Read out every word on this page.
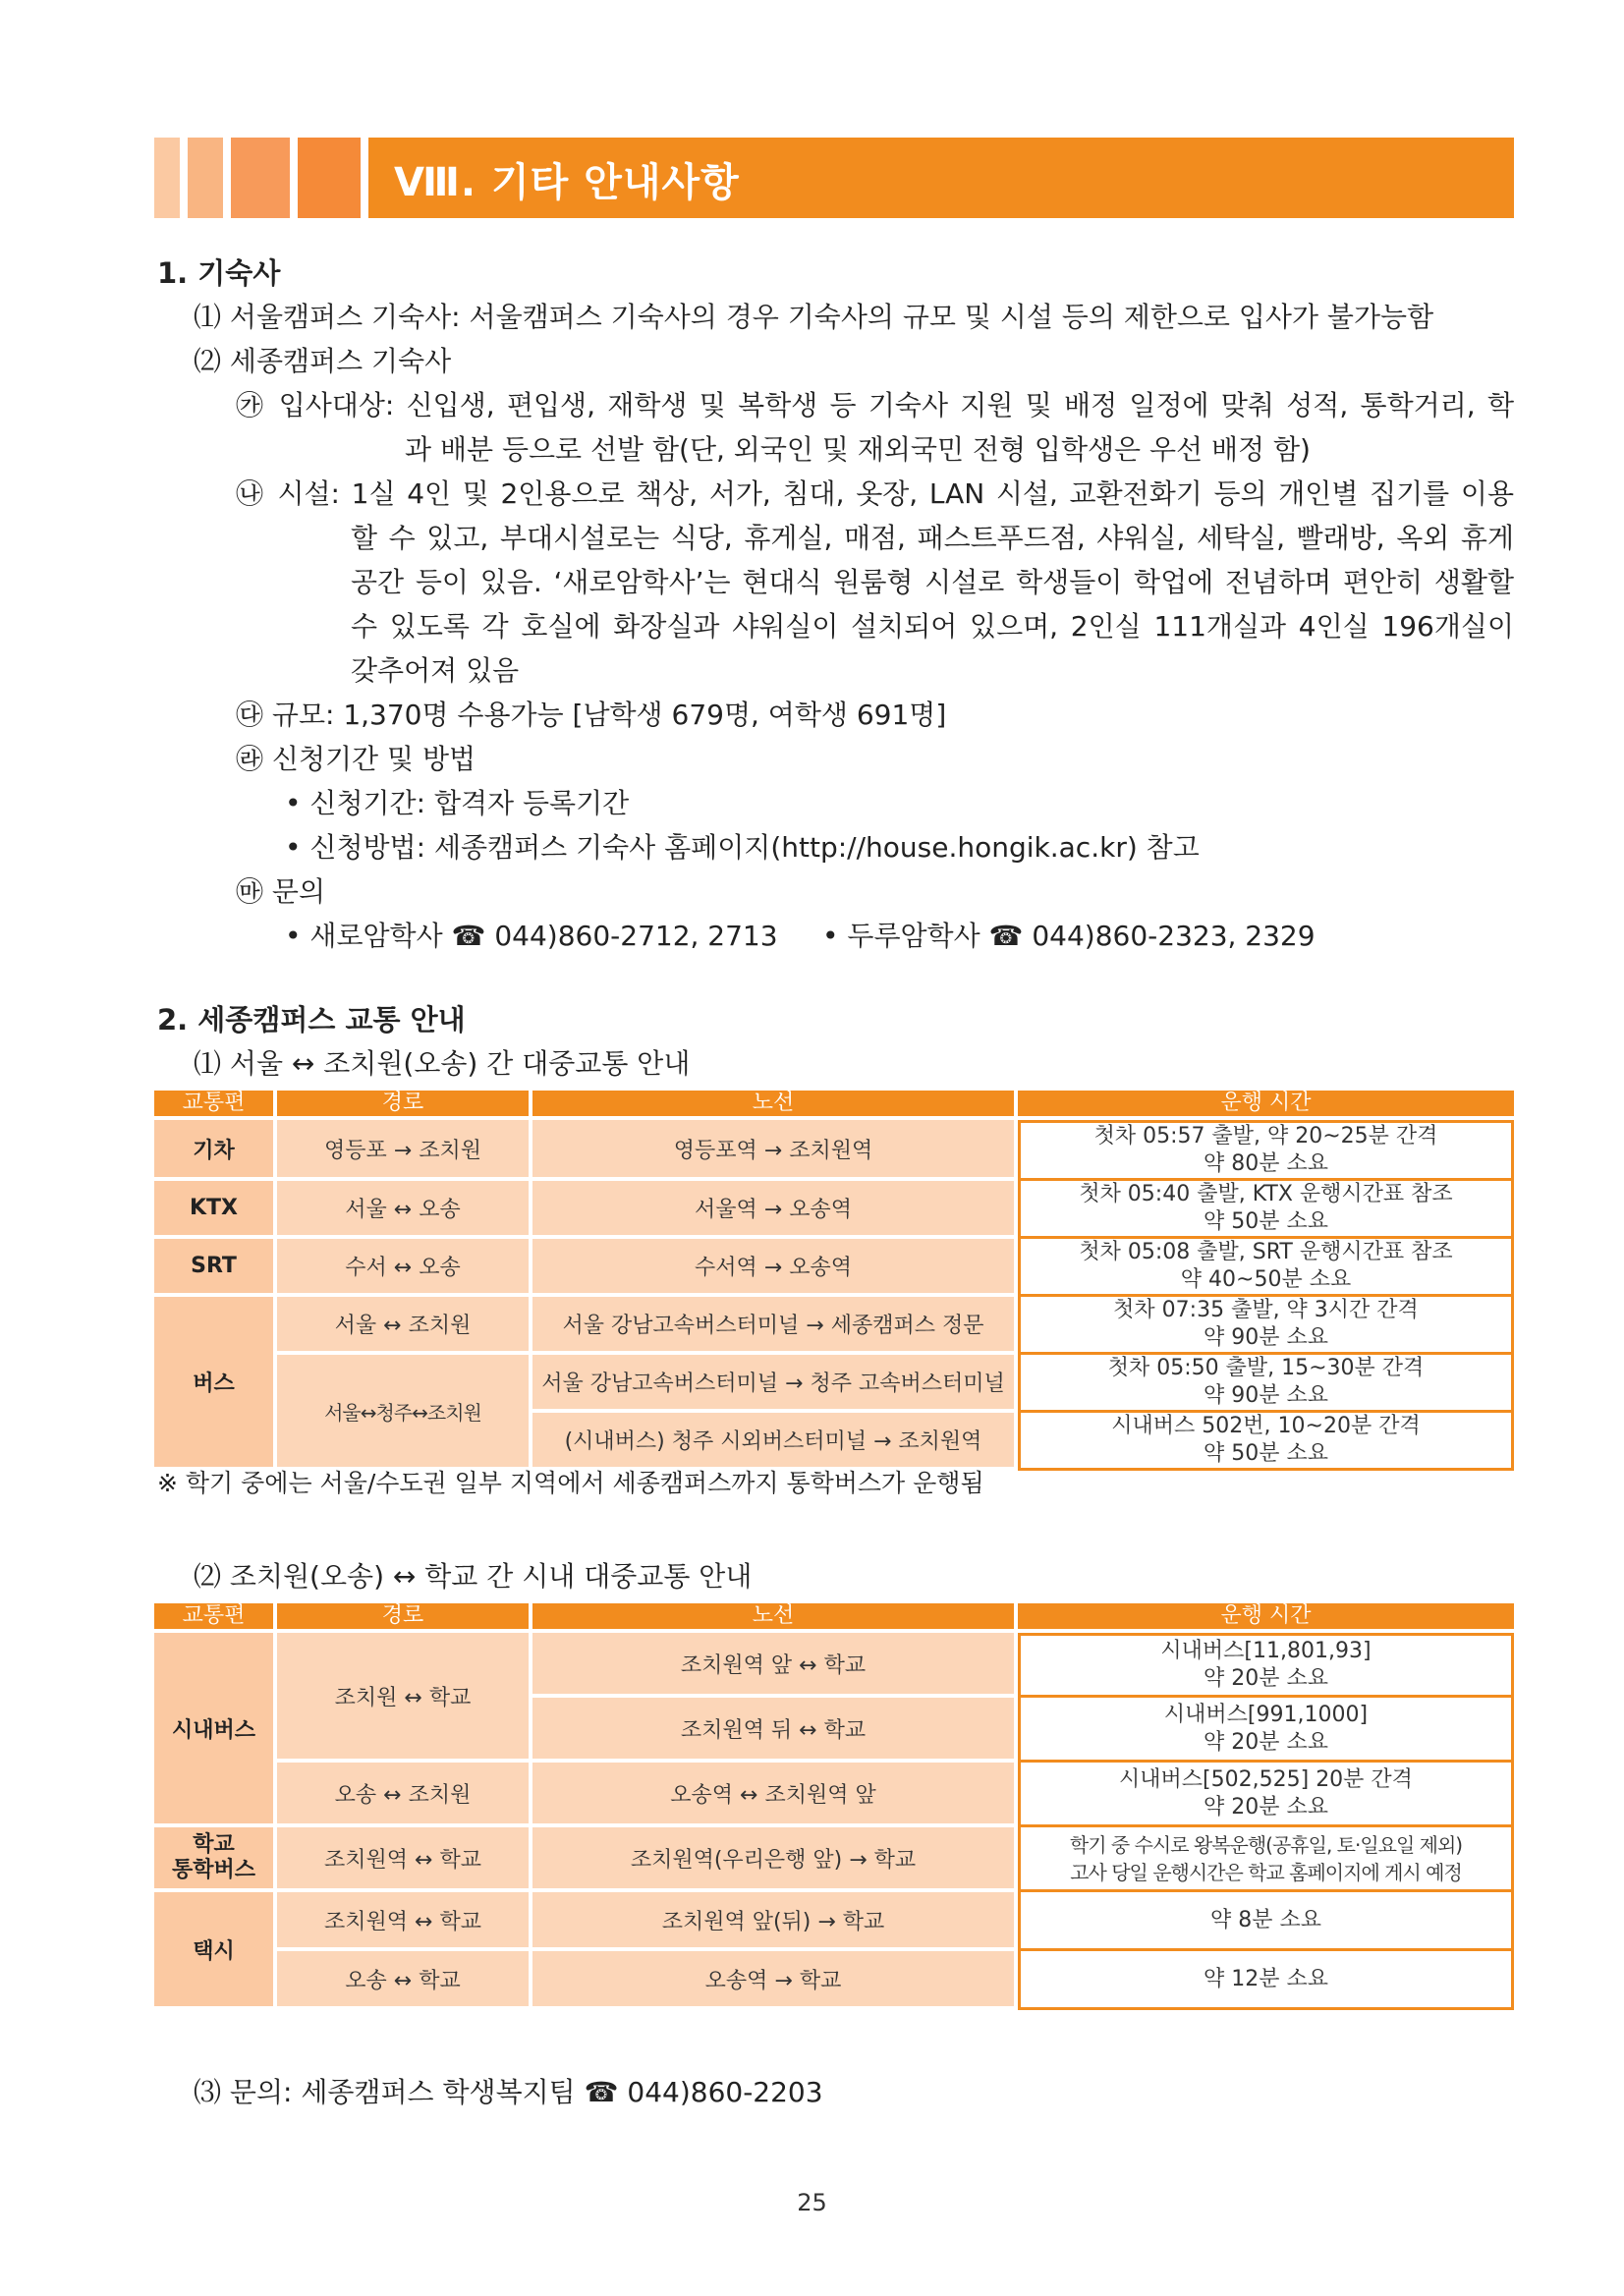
Ⅷ. 기타 안내사항
1. 기숙사
⑴ 서울캠퍼스 기숙사: 서울캠퍼스 기숙사의 경우 기숙사의 규모 및 시설 등의 제한으로 입사가 불가능함
⑵ 세종캠퍼스 기숙사
㉮ 입사대상: 신입생, 편입생, 재학생 및 복학생 등 기숙사 지원 및 배정 일정에 맞춰 성적, 통학거리, 학
과 배분 등으로 선발 함(단, 외국인 및 재외국민 전형 입학생은 우선 배정 함)
㉯ 시설: 1실 4인 및 2인용으로 책상, 서가, 침대, 옷장, LAN 시설, 교환전화기 등의 개인별 집기를 이용
할 수 있고, 부대시설로는 식당, 휴게실, 매점, 패스트푸드점, 샤워실, 세탁실, 빨래방, 옥외 휴게
공간 등이 있음. ‘새로암학사’는 현대식 원룸형 시설로 학생들이 학업에 전념하며 편안히 생활할
수 있도록 각 호실에 화장실과 샤워실이 설치되어 있으며, 2인실 111개실과 4인실 196개실이
갖추어져 있음
㉰ 규모: 1,370명 수용가능 [남학생 679명, 여학생 691명]
㉱ 신청기간 및 방법
• 신청기간: 합격자 등록기간
• 신청방법: 세종캠퍼스 기숙사 홈페이지(http://house.hongik.ac.kr) 참고
㉲ 문의
• 새로암학사 ☎ 044)860-2712, 2713 • 두루암학사 ☎ 044)860-2323, 2329
2. 세종캠퍼스 교통 안내
⑴ 서울 ↔ 조치원(오송) 간 대중교통 안내
교통편	경로	노선	운행 시간
기차	영등포 → 조치원	영등포역 → 조치원역	첫차 05:57 출발, 약 20~25분 간격
약 80분 소요

KTX	서울 ↔ 오송	서울역 → 오송역	첫차 05:40 출발, KTX 운행시간표 참조
약 50분 소요

SRT	수서 ↔ 오송	수서역 → 오송역	첫차 05:08 출발, SRT 운행시간표 참조
약 40~50분 소요

버스	서울 ↔ 조치원	서울 강남고속버스터미널 → 세종캠퍼스 정문	첫차 07:35 출발, 약 3시간 간격
약 90분 소요

	서울↔청주↔조치원	서울 강남고속버스터미널 → 청주 고속버스터미널	첫차 05:50 출발, 15~30분 간격
약 90분 소요

		(시내버스) 청주 시외버스터미널 → 조치원역	시내버스 502번, 10~20분 간격
약 50분 소요
※ 학기 중에는 서울/수도권 일부 지역에서 세종캠퍼스까지 통학버스가 운행됨
⑵ 조치원(오송) ↔ 학교 간 시내 대중교통 안내
교통편	경로	노선	운행 시간
시내버스	조치원 ↔ 학교	조치원역 앞 ↔ 학교	시내버스[11,801,93]
약 20분 소요

		조치원역 뒤 ↔ 학교	시내버스[991,1000]
약 20분 소요

	오송 ↔ 조치원	오송역 ↔ 조치원역 앞	시내버스[502,525] 20분 간격
약 20분 소요

학교
통학버스	조치원역 ↔ 학교	조치원역(우리은행 앞) → 학교	학기 중 수시로 왕복운행(공휴일, 토·일요일 제외)
고사 당일 운행시간은 학교 홈페이지에 게시 예정

택시	조치원역 ↔ 학교	조치원역 앞(뒤) → 학교	약 8분 소요
	오송 ↔ 학교	오송역 → 학교	약 12분 소요
⑶ 문의: 세종캠퍼스 학생복지팀 ☎ 044)860-2203
25
